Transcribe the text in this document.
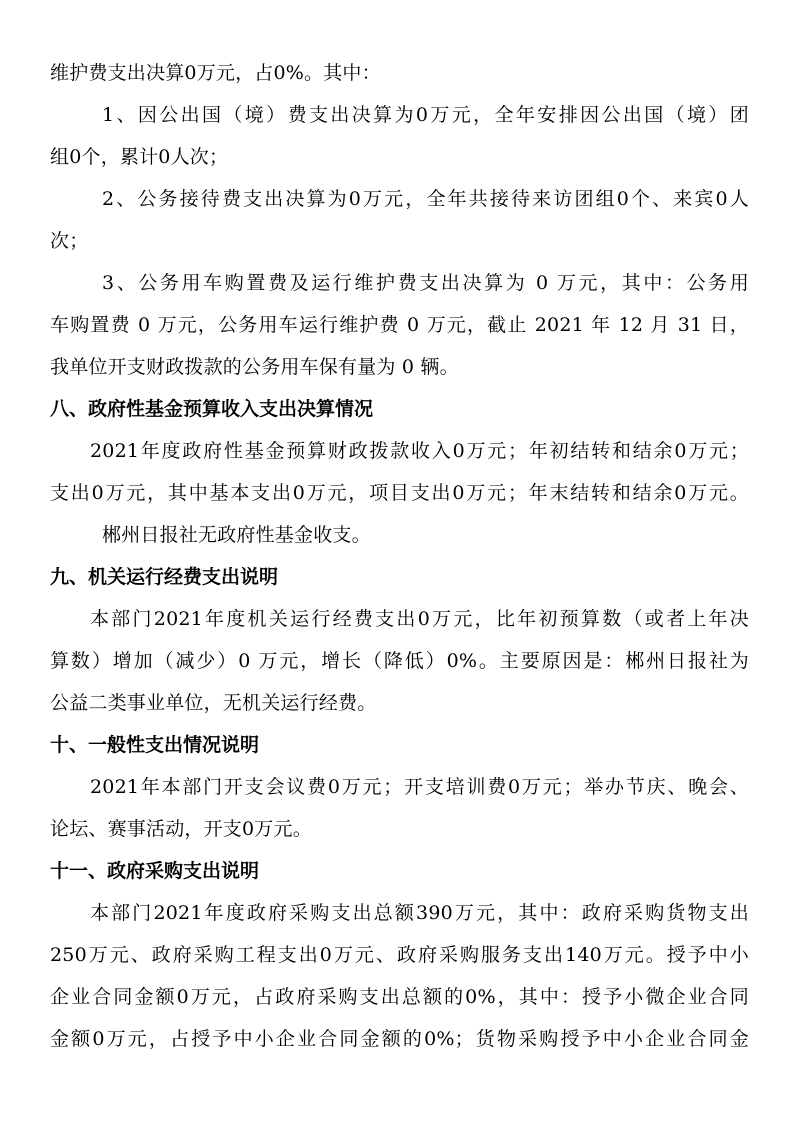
维护费支出决算0万元，占0%。其中：
1、因公出国（境）费支出决算为0万元，全年安排因公出国（境）团
组0个，累计0人次；
2、公务接待费支出决算为0万元，全年共接待来访团组0个、来宾0人
次；
3、公务用车购置费及运行维护费支出决算为 0 万元，其中：公务用
车购置费 0 万元，公务用车运行维护费 0 万元，截止 2021 年 12 月 31 日，
我单位开支财政拨款的公务用车保有量为 0 辆。
八、政府性基金预算收入支出决算情况
2021年度政府性基金预算财政拨款收入0万元；年初结转和结余0万元；
支出0万元，其中基本支出0万元，项目支出0万元；年末结转和结余0万元。
郴州日报社无政府性基金收支。
九、机关运行经费支出说明
本部门2021年度机关运行经费支出0万元，比年初预算数（或者上年决
算数）增加（减少）0 万元，增长（降低）0%。主要原因是：郴州日报社为
公益二类事业单位，无机关运行经费。
十、一般性支出情况说明
2021年本部门开支会议费0万元；开支培训费0万元；举办节庆、晚会、
论坛、赛事活动，开支0万元。
十一、政府采购支出说明
本部门2021年度政府采购支出总额390万元，其中：政府采购货物支出
250万元、政府采购工程支出0万元、政府采购服务支出140万元。授予中小
企业合同金额0万元，占政府采购支出总额的0%，其中：授予小微企业合同
金额0万元，占授予中小企业合同金额的0%；货物采购授予中小企业合同金
